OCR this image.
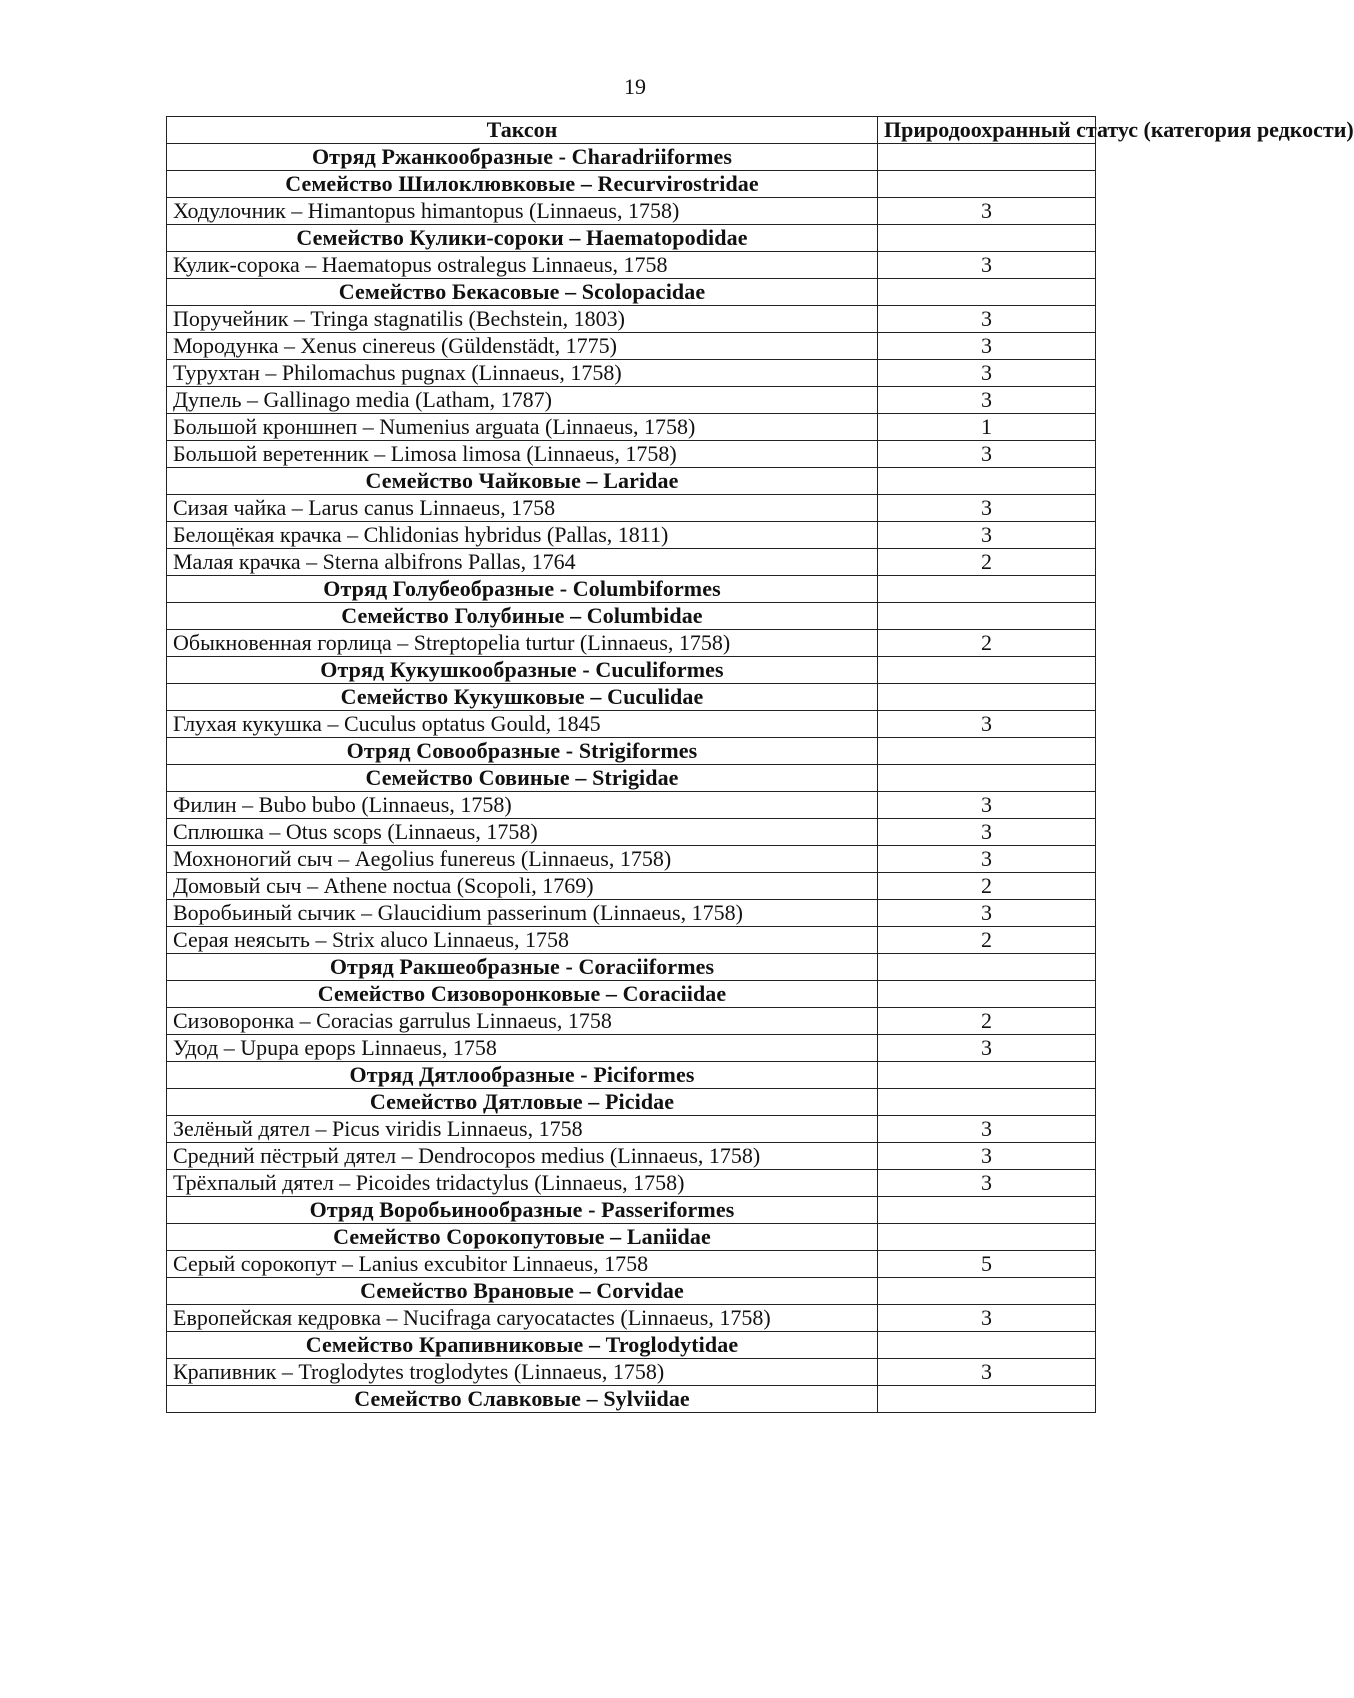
19
Таксон	Природоохранный статус (категория редкости)
Отряд Ржанкообразные - Charadriiformes	
Семейство Шилоклювковые – Recurvirostridae	
Ходулочник – Himantopus himantopus (Linnaeus, 1758)	3
Семейство Кулики-сороки – Haematopodidae	
Кулик-сорока – Haematopus ostralegus Linnaeus, 1758	3
Семейство Бекасовые – Scolopacidae	
Поручейник – Tringa stagnatilis (Bechstein, 1803)	3
Мородунка – Xenus cinereus (Güldenstädt, 1775)	3
Турухтан – Philomachus pugnax (Linnaeus, 1758)	3
Дупель – Gallinago media (Latham, 1787)	3
Большой кроншнеп – Numenius arguata (Linnaeus, 1758)	1
Большой веретенник – Limosa limosa (Linnaeus, 1758)	3
Семейство Чайковые – Laridae	
Сизая чайка – Larus canus Linnaeus, 1758	3
Белощёкая крачка – Chlidonias hybridus (Pallas, 1811)	3
Малая крачка – Sterna albifrons Pallas, 1764	2
Отряд Голубеобразные - Columbiformes	
Семейство Голубиные – Columbidae	
Обыкновенная горлица – Streptopelia turtur (Linnaeus, 1758)	2
Отряд Кукушкообразные - Cuculiformes	
Семейство Кукушковые – Cuculidae	
Глухая кукушка – Cuculus optatus Gould, 1845	3
Отряд Совообразные - Strigiformes	
Семейство Совиные – Strigidae	
Филин – Bubo bubo (Linnaeus, 1758)	3
Сплюшка – Otus scops (Linnaeus, 1758)	3
Мохноногий сыч – Aegolius funereus (Linnaeus, 1758)	3
Домовый сыч – Athene noctua (Scopoli, 1769)	2
Воробьиный сычик – Glaucidium passerinum (Linnaeus, 1758)	3
Серая неясыть – Strix aluco Linnaeus, 1758	2
Отряд Ракшеобразные - Coraciiformes	
Семейство Сизоворонковые – Coraciidae	
Сизоворонка – Coracias garrulus Linnaeus, 1758	2
Удод – Upupa epops Linnaeus, 1758	3
Отряд Дятлообразные - Piciformes	
Семейство Дятловые – Picidae	
Зелёный дятел – Picus viridis Linnaeus, 1758	3
Средний пёстрый дятел – Dendrocopos medius (Linnaeus, 1758)	3
Трёхпалый дятел – Picoides tridactylus (Linnaeus, 1758)	3
Отряд Воробьинообразные - Passeriformes	
Семейство Сорокопутовые – Laniidae	
Серый сорокопут – Lanius excubitor Linnaeus, 1758	5
Семейство Врановые – Corvidae	
Европейская кедровка – Nucifraga caryocatactes (Linnaeus, 1758)	3
Семейство Крапивниковые – Troglodytidae	
Крапивник – Troglodytes troglodytes (Linnaeus, 1758)	3
Семейство Славковые – Sylviidae	
